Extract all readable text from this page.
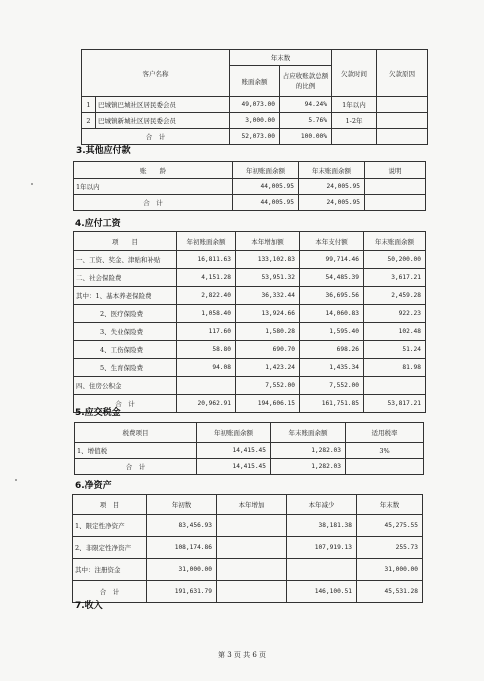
客户名称		年末数		欠款时间	欠款原因
		账面余额	占应收账款总额的比例		
1	巴城镇巴城社区居民委会员	49,073.00	94.24%	1年以内	
2	巴城镇新城社区居民委会员	3,000.00	5.76%	1-2年	
合　计		52,073.00	100.00%		
3.其他应付款
账　　龄	年初账面余额	年末账面余额	说明
1年以内	44,005.95	24,005.95	
合　计	44,005.95	24,005.95	
4.应付工资
项　　目	年初账面余额	本年增加额	本年支付额	年末账面余额
一、工资、奖金、津贴和补贴	16,811.63	133,102.83	99,714.46	50,200.00
二、社会保险费	4,151.28	53,951.32	54,485.39	3,617.21
其中：1、基本养老保险费	2,822.40	36,332.44	36,695.56	2,459.28
2、医疗保险费	1,058.40	13,924.66	14,060.83	922.23
3、失业保险费	117.60	1,580.28	1,595.40	102.48
4、工伤保险费	58.80	690.70	698.26	51.24
5、生育保险费	94.08	1,423.24	1,435.34	81.98
四、住房公积金		7,552.00	7,552.00	
合　计	20,962.91	194,606.15	161,751.85	53,817.21
5.应交税金
税费项目	年初账面余额	年末账面余额	适用税率
1、增值税	14,415.45	1,282.03	3%
合　计	14,415.45	1,282.03	
6.净资产
项　目	年初数	本年增加	本年减少	年末数
1、限定性净资产	83,456.93		38,181.38	45,275.55
2、非限定性净资产	108,174.86		107,919.13	255.73
其中：注册资金	31,000.00			31,000.00
合　计	191,631.79		146,100.51	45,531.28
7.收入
第 3 页 共 6 页
